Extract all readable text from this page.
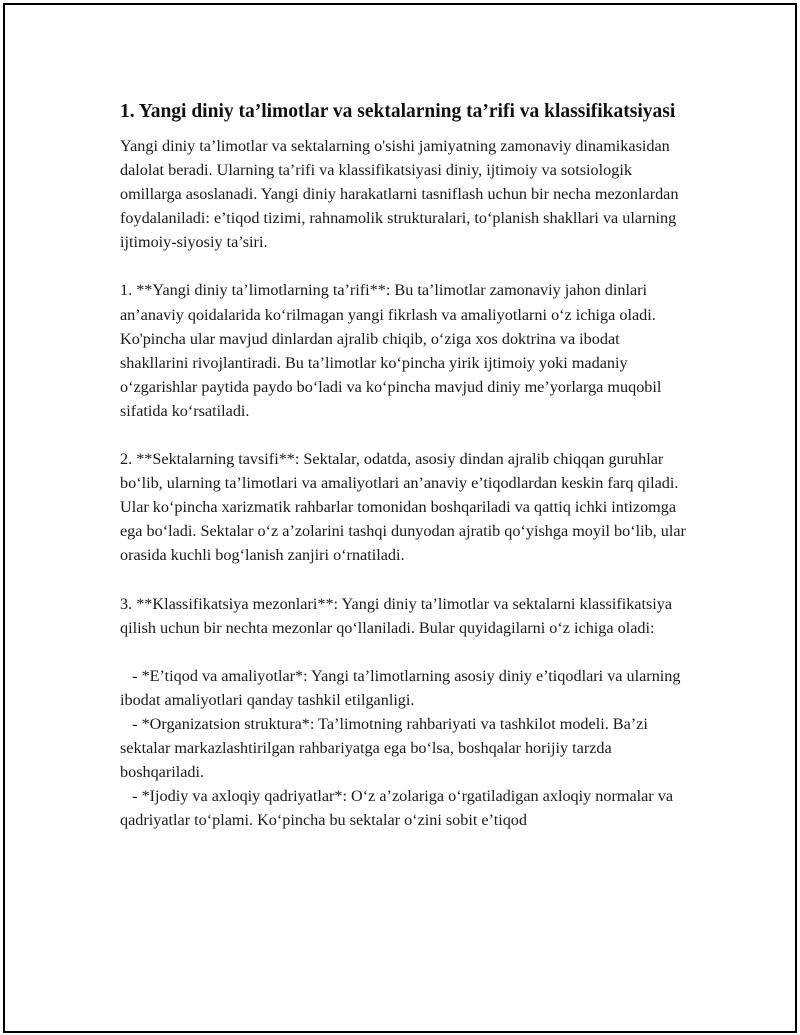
1. Yangi diniy ta’limotlar va sektalarning ta’rifi va klassifikatsiyasi

Yangi diniy ta’limotlar va sektalarning o'sishi jamiyatning zamonaviy dinamikasidan dalolat beradi. Ularning ta’rifi va klassifikatsiyasi diniy, ijtimoiy va sotsiologik omillarga asoslanadi. Yangi diniy harakatlarni tasniflash uchun bir necha mezonlardan foydalaniladi: e’tiqod tizimi, rahnamolik strukturalari, to‘planish shakllari va ularning ijtimoiy-siyosiy ta’siri.

1. **Yangi diniy ta’limotlarning ta’rifi**: Bu ta’limotlar zamonaviy jahon dinlari an’anaviy qoidalarida ko‘rilmagan yangi fikrlash va amaliyotlarni o‘z ichiga oladi. Ko'pincha ular mavjud dinlardan ajralib chiqib, o‘ziga xos doktrina va ibodat shakllarini rivojlantiradi. Bu ta’limotlar ko‘pincha yirik ijtimoiy yoki madaniy o‘zgarishlar paytida paydo bo‘ladi va ko‘pincha mavjud diniy me’yorlarga muqobil sifatida ko‘rsatiladi.

2. **Sektalarning tavsifi**: Sektalar, odatda, asosiy dindan ajralib chiqqan guruhlar bo‘lib, ularning ta’limotlari va amaliyotlari an’anaviy e’tiqodlardan keskin farq qiladi. Ular ko‘pincha xarizmatik rahbarlar tomonidan boshqariladi va qattiq ichki intizomga ega bo‘ladi. Sektalar o‘z a’zolarini tashqi dunyodan ajratib qo‘yishga moyil bo‘lib, ular orasida kuchli bog‘lanish zanjiri o‘rnatiladi.

3. **Klassifikatsiya mezonlari**: Yangi diniy ta’limotlar va sektalarni klassifikatsiya qilish uchun bir nechta mezonlar qo‘llaniladi. Bular quyidagilarni o‘z ichiga oladi:

- *E’tiqod va amaliyotlar*: Yangi ta’limotlarning asosiy diniy e’tiqodlari va ularning ibodat amaliyotlari qanday tashkil etilganligi.

- *Organizatsion struktura*: Ta’limotning rahbariyati va tashkilot modeli. Ba’zi sektalar markazlashtirilgan rahbariyatga ega bo‘lsa, boshqalar horijiy tarzda boshqariladi.

- *Ijodiy va axloqiy qadriyatlar*: O‘z a’zolariga o‘rgatiladigan axloqiy normalar va qadriyatlar to‘plami. Ko‘pincha bu sektalar o‘zini sobit e’tiqod
